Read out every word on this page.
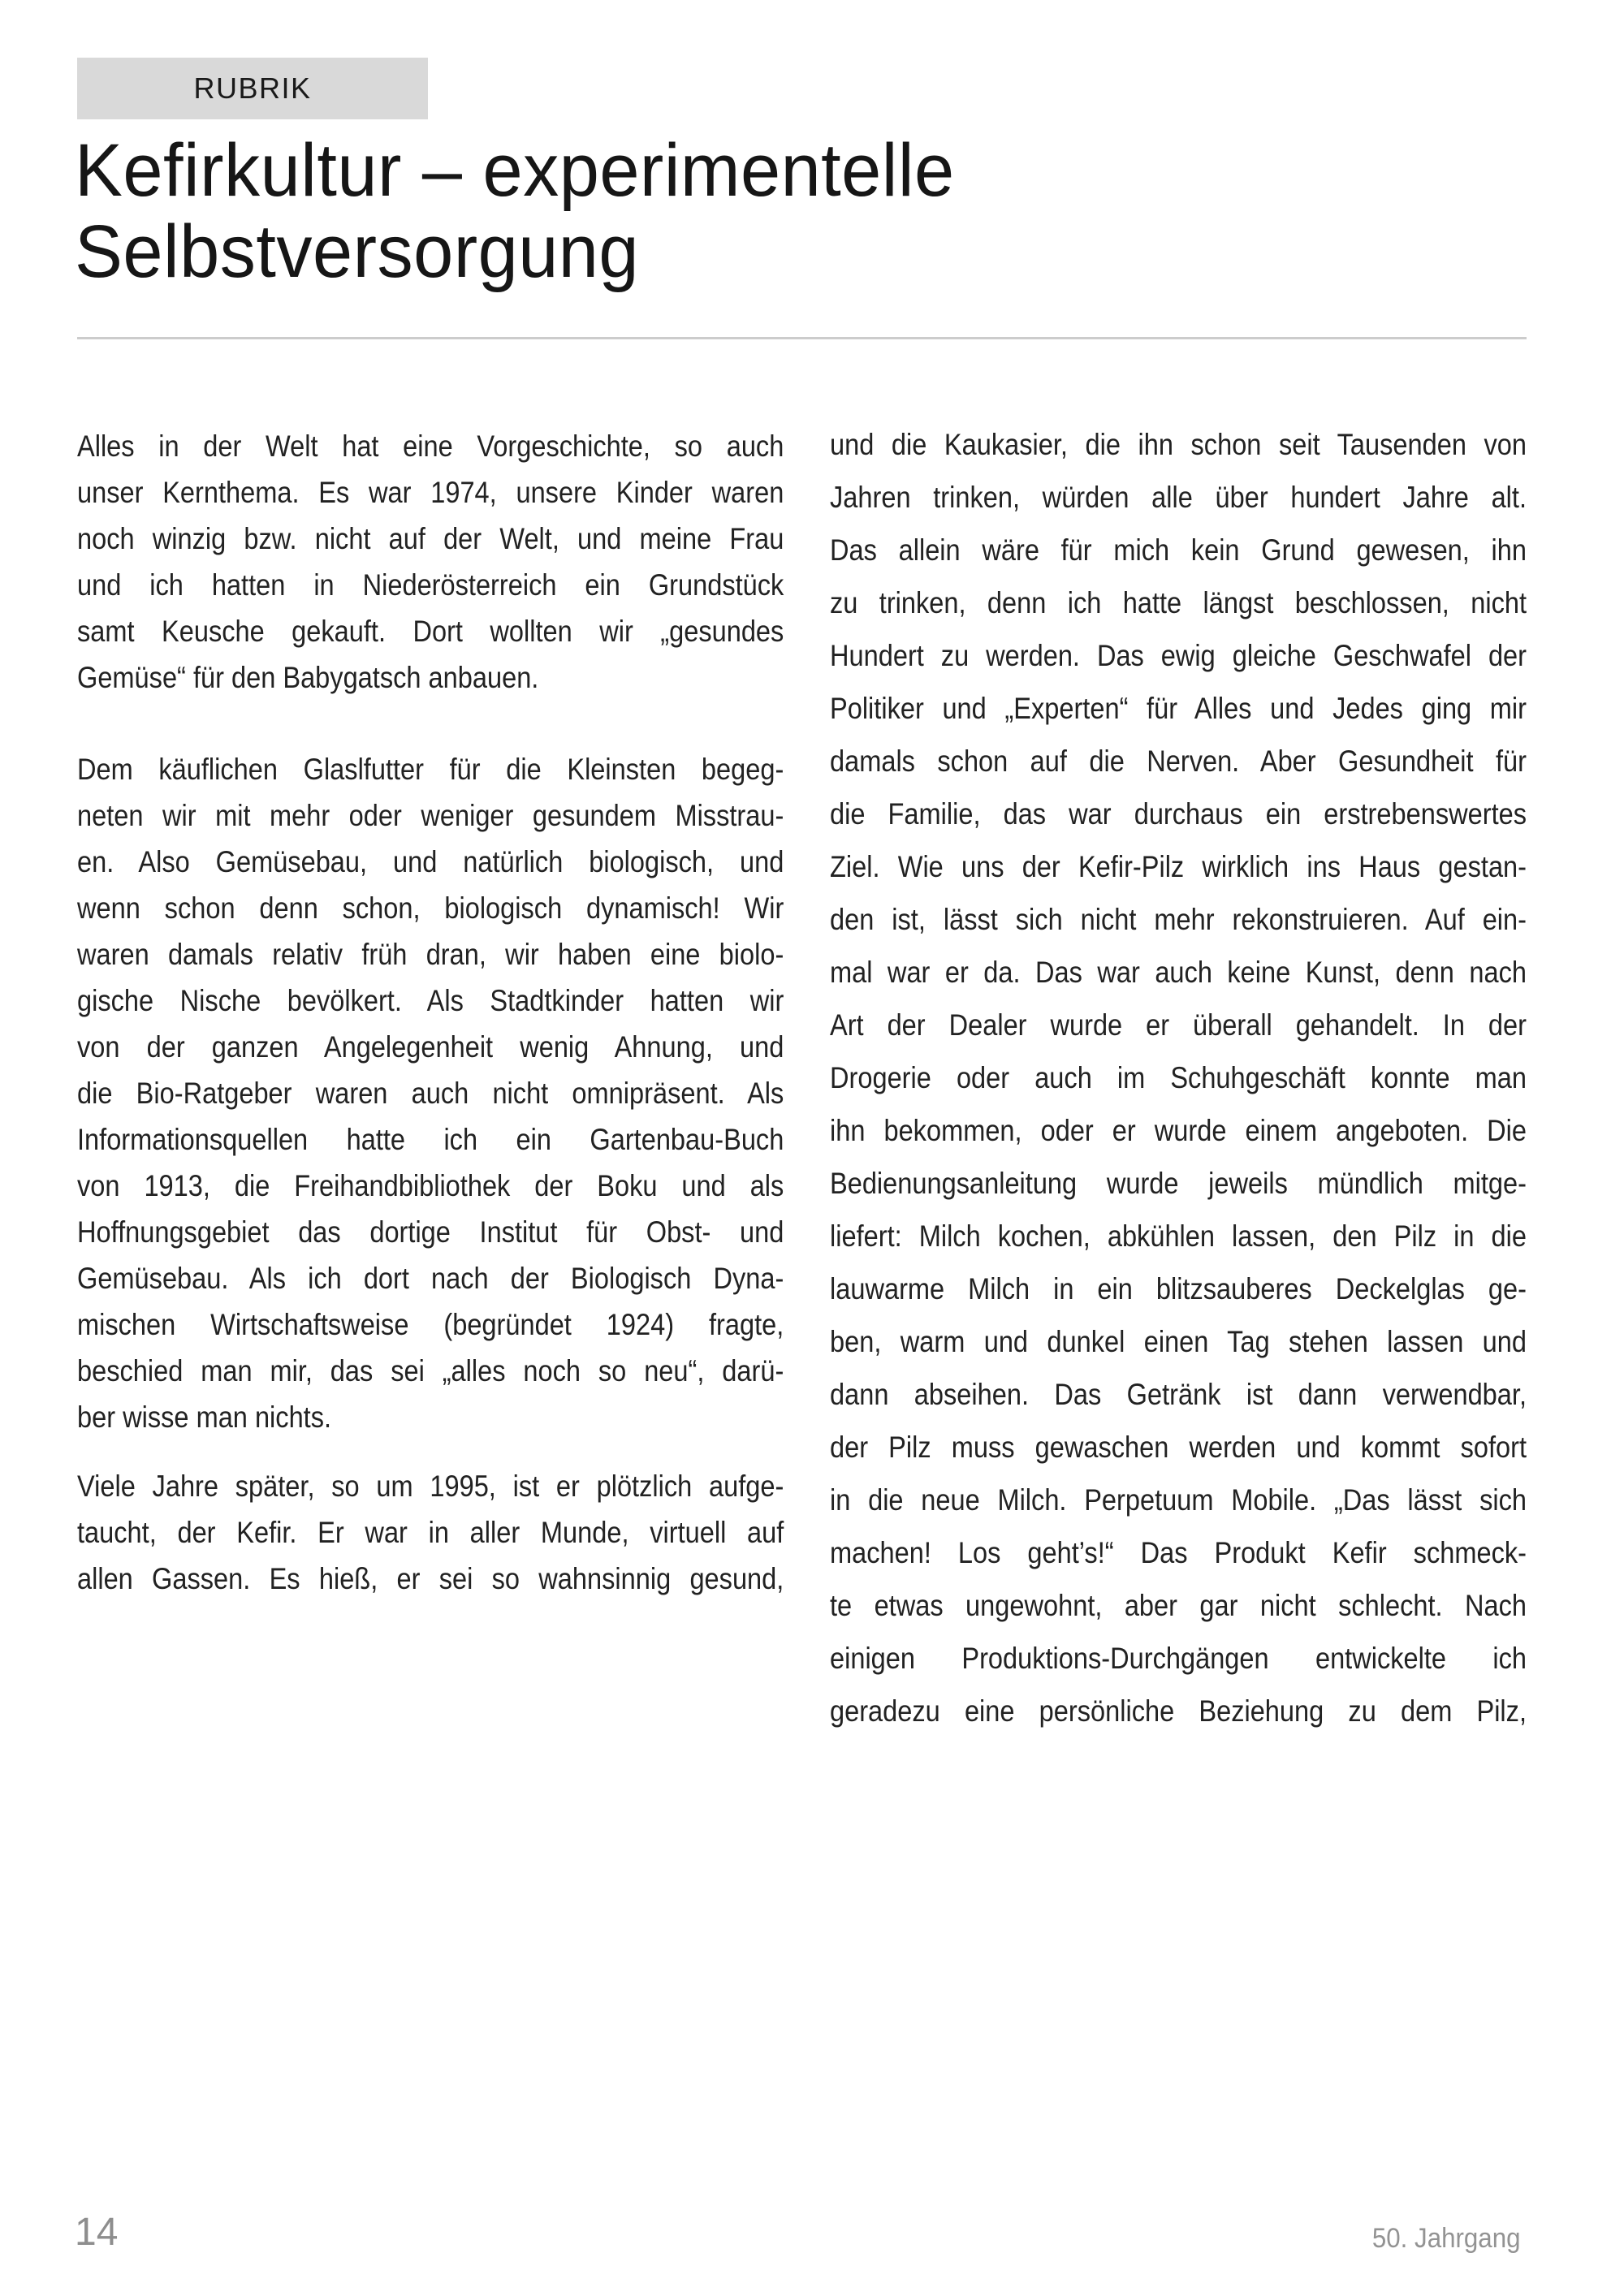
RUBRIK
Kefirkultur – experimentelle
Selbstversorgung
Alles in der Welt hat eine Vorgeschichte, so auch
unser Kernthema. Es war 1974, unsere Kinder waren
noch winzig bzw. nicht auf der Welt, und meine Frau
und ich hatten in Niederösterreich ein Grundstück
samt Keusche gekauft. Dort wollten wir „gesundes
Gemüse“ für den Babygatsch anbauen.
Dem käuflichen Glaslfutter für die Kleinsten begeg-
neten wir mit mehr oder weniger gesundem Misstrau-
en. Also Gemüsebau, und natürlich biologisch, und
wenn schon denn schon, biologisch dynamisch! Wir
waren damals relativ früh dran, wir haben eine biolo-
gische Nische bevölkert. Als Stadtkinder hatten wir
von der ganzen Angelegenheit wenig Ahnung, und
die Bio-Ratgeber waren auch nicht omnipräsent. Als
Informationsquellen hatte ich ein Gartenbau-Buch
von 1913, die Freihandbibliothek der Boku und als
Hoffnungsgebiet das dortige Institut für Obst- und
Gemüsebau. Als ich dort nach der Biologisch Dyna-
mischen Wirtschaftsweise (begründet 1924) fragte,
beschied man mir, das sei „alles noch so neu“, darü-
ber wisse man nichts.
Viele Jahre später, so um 1995, ist er plötzlich aufge-
taucht, der Kefir. Er war in aller Munde, virtuell auf
allen Gassen. Es hieß, er sei so wahnsinnig gesund,
und die Kaukasier, die ihn schon seit Tausenden von
Jahren trinken, würden alle über hundert Jahre alt.
Das allein wäre für mich kein Grund gewesen, ihn
zu trinken, denn ich hatte längst beschlossen, nicht
Hundert zu werden. Das ewig gleiche Geschwafel der
Politiker und „Experten“ für Alles und Jedes ging mir
damals schon auf die Nerven. Aber Gesundheit für
die Familie, das war durchaus ein erstrebenswertes
Ziel. Wie uns der Kefir-Pilz wirklich ins Haus gestan-
den ist, lässt sich nicht mehr rekonstruieren. Auf ein-
mal war er da. Das war auch keine Kunst, denn nach
Art der Dealer wurde er überall gehandelt. In der
Drogerie oder auch im Schuhgeschäft konnte man
ihn bekommen, oder er wurde einem angeboten. Die
Bedienungsanleitung wurde jeweils mündlich mitge-
liefert: Milch kochen, abkühlen lassen, den Pilz in die
lauwarme Milch in ein blitzsauberes Deckelglas ge-
ben, warm und dunkel einen Tag stehen lassen und
dann abseihen. Das Getränk ist dann verwendbar,
der Pilz muss gewaschen werden und kommt sofort
in die neue Milch. Perpetuum Mobile. „Das lässt sich
machen! Los geht’s!“ Das Produkt Kefir schmeck-
te etwas ungewohnt, aber gar nicht schlecht. Nach
einigen Produktions-Durchgängen entwickelte ich
geradezu eine persönliche Beziehung zu dem Pilz,
14	50. Jahrgang
